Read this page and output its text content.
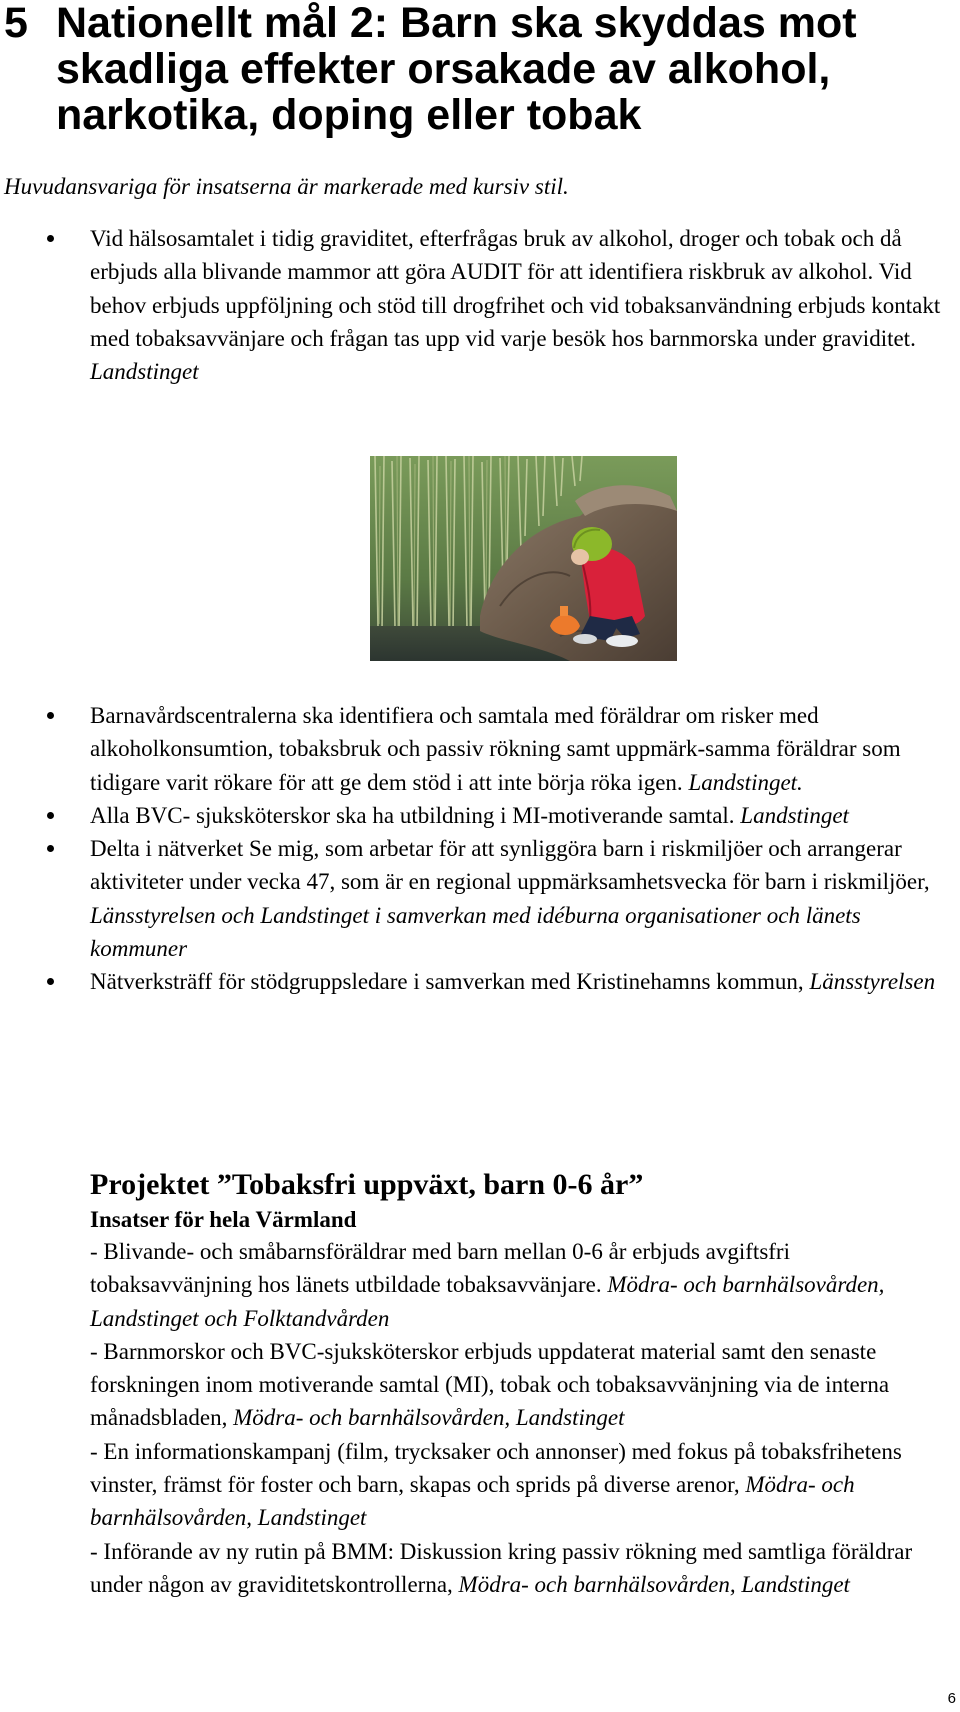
5 Nationellt mål 2: Barn ska skyddas mot skadliga effekter orsakade av alkohol, narkotika, doping eller tobak

Huvudansvariga för insatserna är markerade med kursiv stil.

Vid hälsosamtalet i tidig graviditet, efterfrågas bruk av alkohol, droger och tobak och då erbjuds alla blivande mammor att göra AUDIT för att identifiera riskbruk av alkohol. Vid behov erbjuds uppföljning och stöd till drogfrihet och vid tobaksanvändning erbjuds kontakt med tobaksavvänjare och frågan tas upp vid varje besök hos barnmorska under graviditet. Landstinget
Barnavårdscentralerna ska identifiera och samtala med föräldrar om risker med alkoholkonsumtion, tobaksbruk och passiv rökning samt uppmärk-samma föräldrar som tidigare varit rökare för att ge dem stöd i att inte börja röka igen. Landstinget.
Alla BVC- sjuksköterskor ska ha utbildning i MI-motiverande samtal. Landstinget
Delta i nätverket Se mig, som arbetar för att synliggöra barn i riskmiljöer och arrangerar aktiviteter under vecka 47, som är en regional uppmärksamhetsvecka för barn i riskmiljöer, Länsstyrelsen och Landstinget i samverkan med idéburna organisationer och länets kommuner
Nätverksträff för stödgruppsledare i samverkan med Kristinehamns kommun, Länsstyrelsen
Projektet ”Tobaksfri uppväxt, barn 0-6 år”
Insatser för hela Värmland

- Blivande- och småbarnsföräldrar med barn mellan 0-6 år erbjuds avgiftsfri tobaksavvänjning hos länets utbildade tobaksavvänjare. Mödra- och barnhälsovården, Landstinget och Folktandvården

- Barnmorskor och BVC-sjuksköterskor erbjuds uppdaterat material samt den senaste forskningen inom motiverande samtal (MI), tobak och tobaksavvänjning via de interna månadsbladen, Mödra- och barnhälsovården, Landstinget

- En informationskampanj (film, trycksaker och annonser) med fokus på tobaksfrihetens vinster, främst för foster och barn, skapas och sprids på diverse arenor, Mödra- och barnhälsovården, Landstinget

- Införande av ny rutin på BMM: Diskussion kring passiv rökning med samtliga föräldrar under någon av graviditetskontrollerna, Mödra- och barnhälsovården, Landstinget

6
